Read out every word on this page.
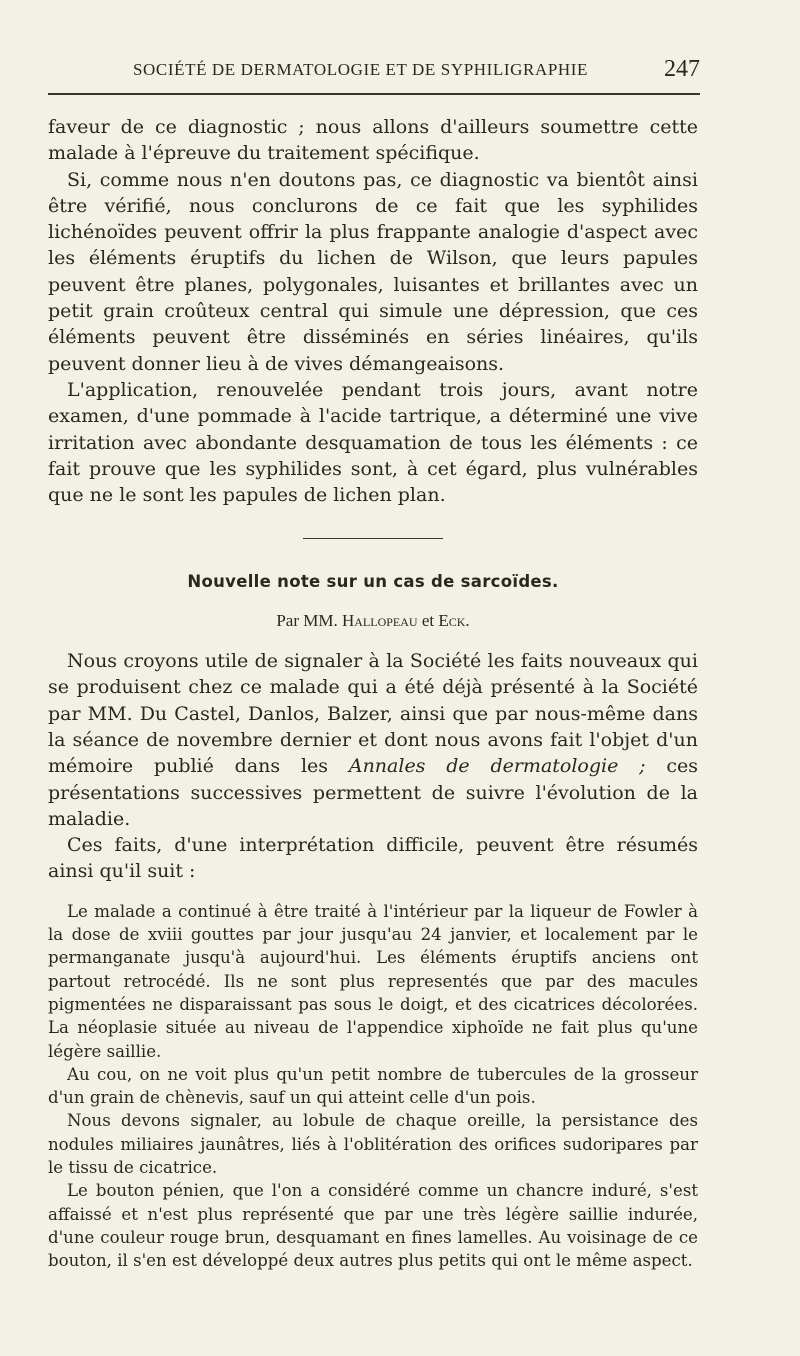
SOCIÉTÉ DE DERMATOLOGIE ET DE SYPHILIGRAPHIE	247

faveur de ce diagnostic ; nous allons d'ailleurs soumettre cette malade à l'épreuve du traitement spécifique.

Si, comme nous n'en doutons pas, ce diagnostic va bientôt ainsi être vérifié, nous conclurons de ce fait que les syphilides lichénoïdes peuvent offrir la plus frappante analogie d'aspect avec les éléments éruptifs du lichen de Wilson, que leurs papules peuvent être planes, polygonales, luisantes et brillantes avec un petit grain croûteux central qui simule une dépression, que ces éléments peuvent être disséminés en séries linéaires, qu'ils peuvent donner lieu à de vives démangeaisons.

L'application, renouvelée pendant trois jours, avant notre examen, d'une pommade à l'acide tartrique, a déterminé une vive irritation avec abondante desquamation de tous les éléments : ce fait prouve que les syphilides sont, à cet égard, plus vulnérables que ne le sont les papules de lichen plan.

Nouvelle note sur un cas de sarcoïdes.
Par MM. Hallopeau et Eck.

Nous croyons utile de signaler à la Société les faits nouveaux qui se produisent chez ce malade qui a été déjà présenté à la Société par MM. Du Castel, Danlos, Balzer, ainsi que par nous-même dans la séance de novembre dernier et dont nous avons fait l'objet d'un mémoire publié dans les Annales de dermatologie ; ces présentations successives permettent de suivre l'évolution de la maladie.

Ces faits, d'une interprétation difficile, peuvent être résumés ainsi qu'il suit :

Le malade a continué à être traité à l'intérieur par la liqueur de Fowler à la dose de xviii gouttes par jour jusqu'au 24 janvier, et localement par le permanganate jusqu'à aujourd'hui. Les éléments éruptifs anciens ont partout retrocédé. Ils ne sont plus representés que par des macules pigmentées ne disparaissant pas sous le doigt, et des cicatrices décolorées. La néoplasie située au niveau de l'appendice xiphoïde ne fait plus qu'une légère saillie.

Au cou, on ne voit plus qu'un petit nombre de tubercules de la grosseur d'un grain de chènevis, sauf un qui atteint celle d'un pois.

Nous devons signaler, au lobule de chaque oreille, la persistance des nodules miliaires jaunâtres, liés à l'oblitération des orifices sudoripares par le tissu de cicatrice.

Le bouton pénien, que l'on a considéré comme un chancre induré, s'est affaissé et n'est plus représenté que par une très légère saillie indurée, d'une couleur rouge brun, desquamant en fines lamelles. Au voisinage de ce bouton, il s'en est développé deux autres plus petits qui ont le même aspect.
